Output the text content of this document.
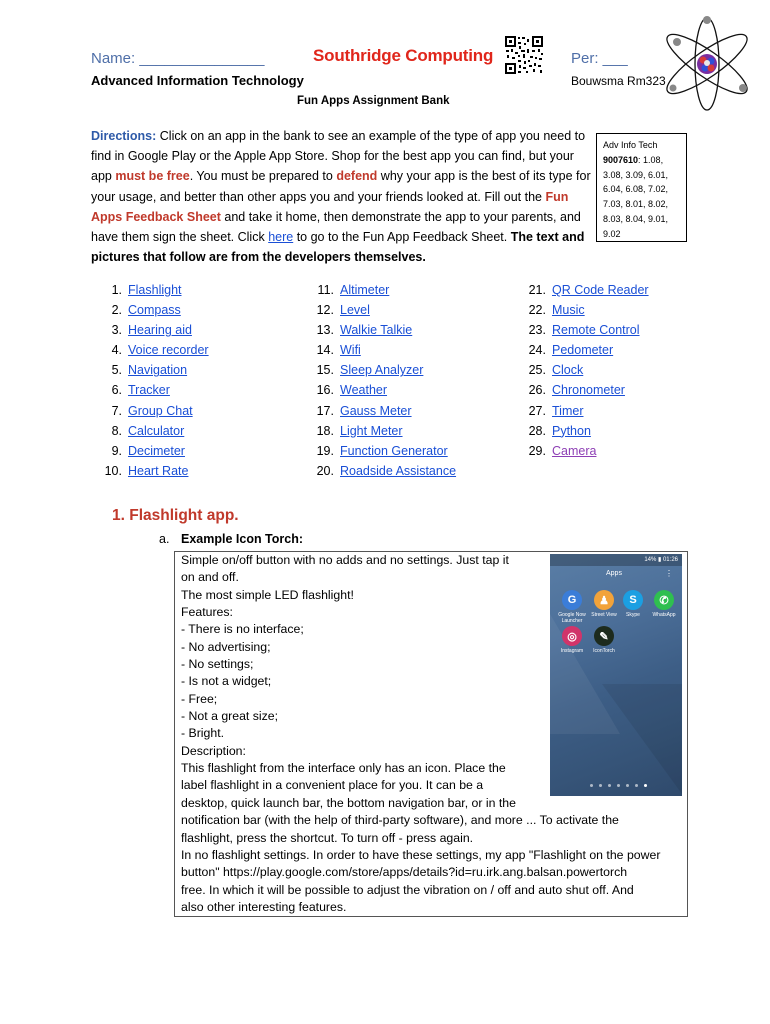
Name: _______________	Southridge Computing	Per: ___
Advanced Information Technology	Bouwsma Rm323
Fun Apps Assignment Bank
Directions: Click on an app in the bank to see an example of the type of app you need to find in Google Play or the Apple App Store. Shop for the best app you can find, but your app must be free. You must be prepared to defend why your app is the best of its type for your usage, and better than other apps you and your friends looked at. Fill out the Fun Apps Feedback Sheet and take it home, then demonstrate the app to your parents, and have them sign the sheet. Click here to go to the Fun App Feedback Sheet. The text and pictures that follow are from the developers themselves.
Adv Info Tech
9007610: 1.08, 3.08, 3.09, 6.01, 6.04, 6.08, 7.02, 7.03, 8.01, 8.02, 8.03, 8.04, 9.01, 9.02
1. Flashlight
2. Compass
3. Hearing aid
4. Voice recorder
5. Navigation
6. Tracker
7. Group Chat
8. Calculator
9. Decimeter
10. Heart Rate
11. Altimeter
12. Level
13. Walkie Talkie
14. Wifi
15. Sleep Analyzer
16. Weather
17. Gauss Meter
18. Light Meter
19. Function Generator
20. Roadside Assistance
21. QR Code Reader
22. Music
23. Remote Control
24. Pedometer
25. Clock
26. Chronometer
27. Timer
28. Python
29. Camera
1. Flashlight app.
a. Example Icon Torch:
Simple on/off button with no adds and no settings. Just tap it
on and off.
The most simple LED flashlight!
Features:
- There is no interface;
- No advertising;
- No settings;
- Is not a widget;
- Free;
- Not a great size;
- Bright.
Description:
This flashlight from the interface only has an icon. Place the
label flashlight in a convenient place for you. It can be a
desktop, quick launch bar, the bottom navigation bar, or in the
notification bar (with the help of third-party software), and more ... To activate the
flashlight, press the shortcut. To turn off - press again.
In no flashlight settings. In order to have these settings, my app "Flashlight on the power
button" https://play.google.com/store/apps/details?id=ru.irk.ang.balsan.powertorch
free. In which it will be possible to adjust the vibration on / off and auto shut off. And
also other interesting features.
14% ▮ 01:26
Apps	⋮
G
Google Now Launcher
♟
Street View
S
Skype
✆
WhatsApp
◎
Instagram
✎
IconTorch
